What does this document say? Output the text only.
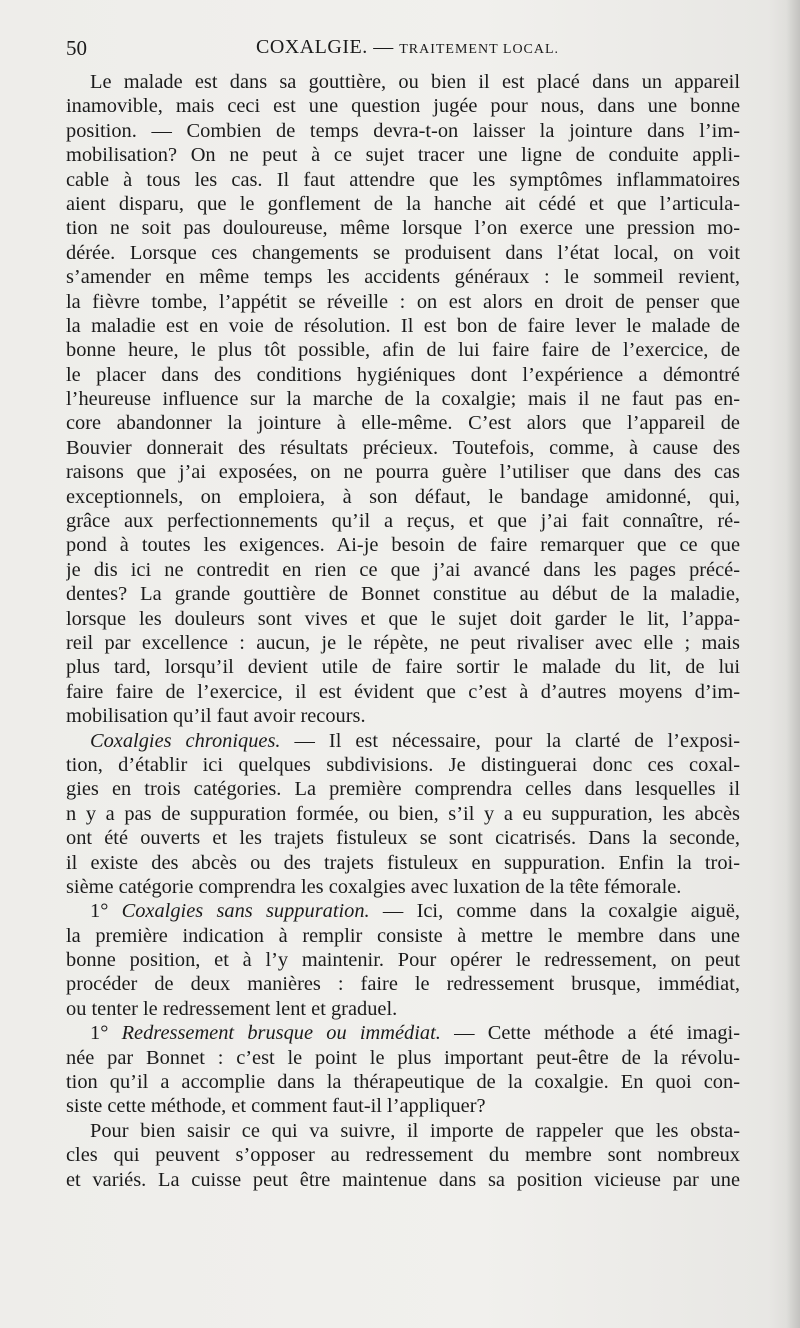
50	COXALGIE. — TRAITEMENT LOCAL.
Le malade est dans sa gouttière, ou bien il est placé dans un appareil
inamovible, mais ceci est une question jugée pour nous, dans une bonne
position. — Combien de temps devra-t-on laisser la jointure dans l’im-
mobilisation? On ne peut à ce sujet tracer une ligne de conduite appli-
cable à tous les cas. Il faut attendre que les symptômes inflammatoires
aient disparu, que le gonflement de la hanche ait cédé et que l’articula-
tion ne soit pas douloureuse, même lorsque l’on exerce une pression mo-
dérée. Lorsque ces changements se produisent dans l’état local, on voit
s’amender en même temps les accidents généraux : le sommeil revient,
la fièvre tombe, l’appétit se réveille : on est alors en droit de penser que
la maladie est en voie de résolution. Il est bon de faire lever le malade de
bonne heure, le plus tôt possible, afin de lui faire faire de l’exercice, de
le placer dans des conditions hygiéniques dont l’expérience a démontré
l’heureuse influence sur la marche de la coxalgie; mais il ne faut pas en-
core abandonner la jointure à elle-même. C’est alors que l’appareil de
Bouvier donnerait des résultats précieux. Toutefois, comme, à cause des
raisons que j’ai exposées, on ne pourra guère l’utiliser que dans des cas
exceptionnels, on emploiera, à son défaut, le bandage amidonné, qui,
grâce aux perfectionnements qu’il a reçus, et que j’ai fait connaître, ré-
pond à toutes les exigences. Ai-je besoin de faire remarquer que ce que
je dis ici ne contredit en rien ce que j’ai avancé dans les pages précé-
dentes? La grande gouttière de Bonnet constitue au début de la maladie,
lorsque les douleurs sont vives et que le sujet doit garder le lit, l’appa-
reil par excellence : aucun, je le répète, ne peut rivaliser avec elle ; mais
plus tard, lorsqu’il devient utile de faire sortir le malade du lit, de lui
faire faire de l’exercice, il est évident que c’est à d’autres moyens d’im-
mobilisation qu’il faut avoir recours.
Coxalgies chroniques. — Il est nécessaire, pour la clarté de l’exposi-
tion, d’établir ici quelques subdivisions. Je distinguerai donc ces coxal-
gies en trois catégories. La première comprendra celles dans lesquelles il
n y a pas de suppuration formée, ou bien, s’il y a eu suppuration, les abcès
ont été ouverts et les trajets fistuleux se sont cicatrisés. Dans la seconde,
il existe des abcès ou des trajets fistuleux en suppuration. Enfin la troi-
sième catégorie comprendra les coxalgies avec luxation de la tête fémorale.
1° Coxalgies sans suppuration. — Ici, comme dans la coxalgie aiguë,
la première indication à remplir consiste à mettre le membre dans une
bonne position, et à l’y maintenir. Pour opérer le redressement, on peut
procéder de deux manières : faire le redressement brusque, immédiat,
ou tenter le redressement lent et graduel.
1° Redressement brusque ou immédiat. — Cette méthode a été imagi-
née par Bonnet : c’est le point le plus important peut-être de la révolu-
tion qu’il a accomplie dans la thérapeutique de la coxalgie. En quoi con-
siste cette méthode, et comment faut-il l’appliquer?
Pour bien saisir ce qui va suivre, il importe de rappeler que les obsta-
cles qui peuvent s’opposer au redressement du membre sont nombreux
et variés. La cuisse peut être maintenue dans sa position vicieuse par une
